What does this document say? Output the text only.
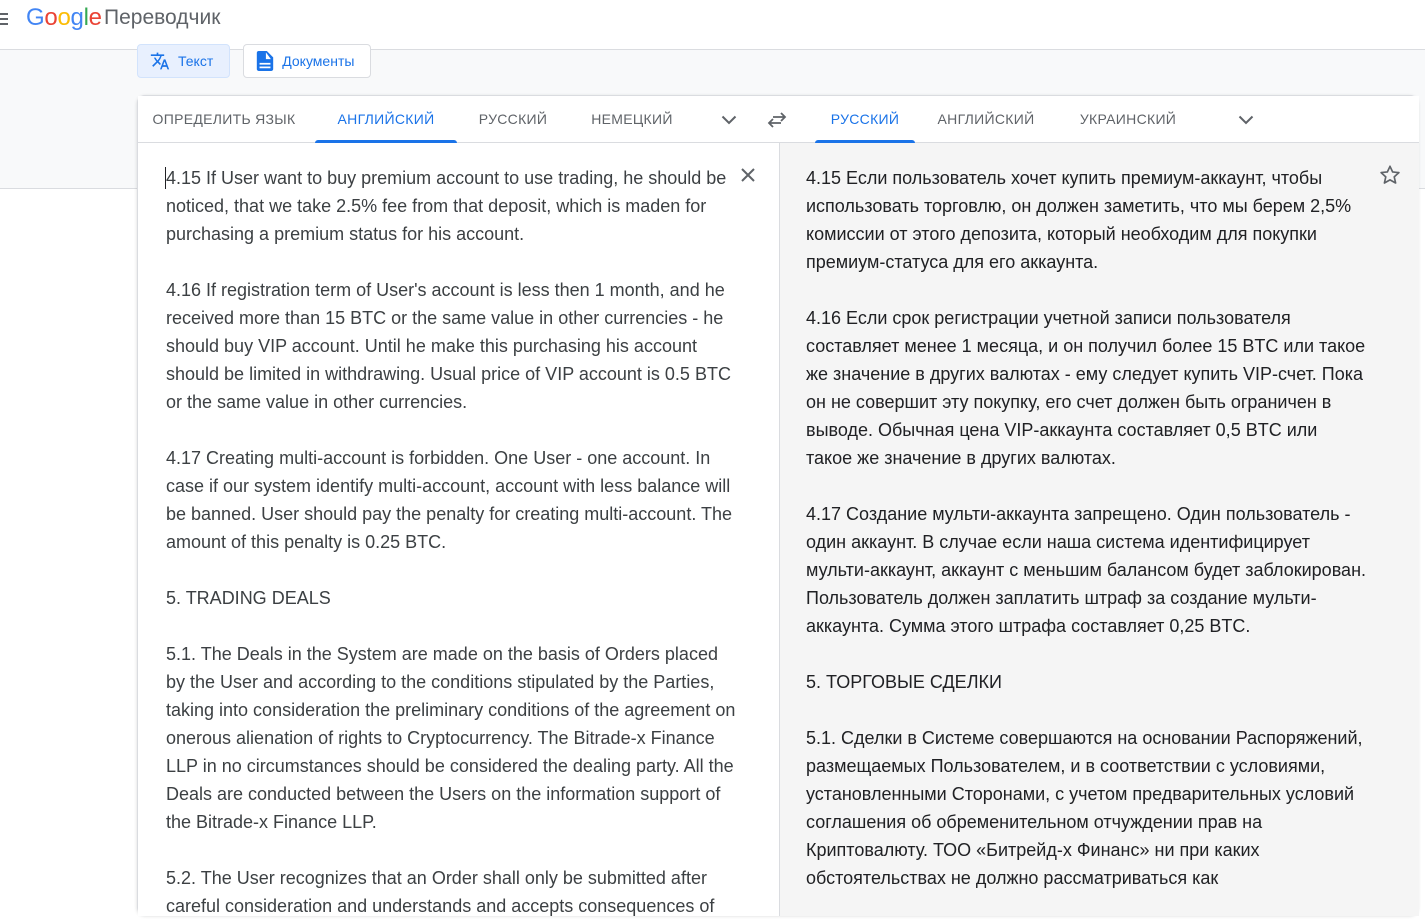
Google Переводчик
Текст	Документы
ОПРЕДЕЛИТЬ ЯЗЫК	АНГЛИЙСКИЙ	РУССКИЙ	НЕМЕЦКИЙ	РУССКИЙ	АНГЛИЙСКИЙ	УКРАИНСКИЙ
4.15 If User want to buy premium account to use trading, he should be noticed, that we take 2.5% fee from that deposit, which is maden for purchasing a premium status for his account.

4.16 If registration term of User's account is less then 1 month, and he received more than 15 BTC or the same value in other currencies - he should buy VIP account. Until he make this purchasing his account should be limited in withdrawing. Usual price of VIP account is 0.5 BTC or the same value in other currencies.

4.17 Creating multi-account is forbidden. One User - one account. In case if our system identify multi-account, account with less balance will be banned. User should pay the penalty for creating multi-account. The amount of this penalty is 0.25 BTC.

5. TRADING DEALS

5.1. The Deals in the System are made on the basis of Orders placed by the User and according to the conditions stipulated by the Parties, taking into consideration the preliminary conditions of the agreement on onerous alienation of rights to Cryptocurrency. The Bitrade-x Finance LLP in no circumstances should be considered the dealing party. All the Deals are conducted between the Users on the information support of the Bitrade-x Finance LLP.

5.2. The User recognizes that an Order shall only be submitted after careful consideration and understands and accepts consequences of
4.15 Если пользователь хочет купить премиум-аккаунт, чтобы использовать торговлю, он должен заметить, что мы берем 2,5% комиссии от этого депозита, который необходим для покупки премиум-статуса для его аккаунта.

4.16 Если срок регистрации учетной записи пользователя составляет менее 1 месяца, и он получил более 15 BTC или такое же значение в других валютах - ему следует купить VIP-счет. Пока он не совершит эту покупку, его счет должен быть ограничен в выводе. Обычная цена VIP-аккаунта составляет 0,5 BTC или такое же значение в других валютах.

4.17 Создание мульти-аккаунта запрещено. Один пользователь - один аккаунт. В случае если наша система идентифицирует мульти-аккаунт, аккаунт с меньшим балансом будет заблокирован. Пользователь должен заплатить штраф за создание мульти-аккаунта. Сумма этого штрафа составляет 0,25 BTC.

5. ТОРГОВЫЕ СДЕЛКИ

5.1. Сделки в Системе совершаются на основании Распоряжений, размещаемых Пользователем, и в соответствии с условиями, установленными Сторонами, с учетом предварительных условий соглашения об обременительном отчуждении прав на Криптовалюту. ТОО «Битрейд-х Финанс» ни при каких обстоятельствах не должно рассматриваться как
